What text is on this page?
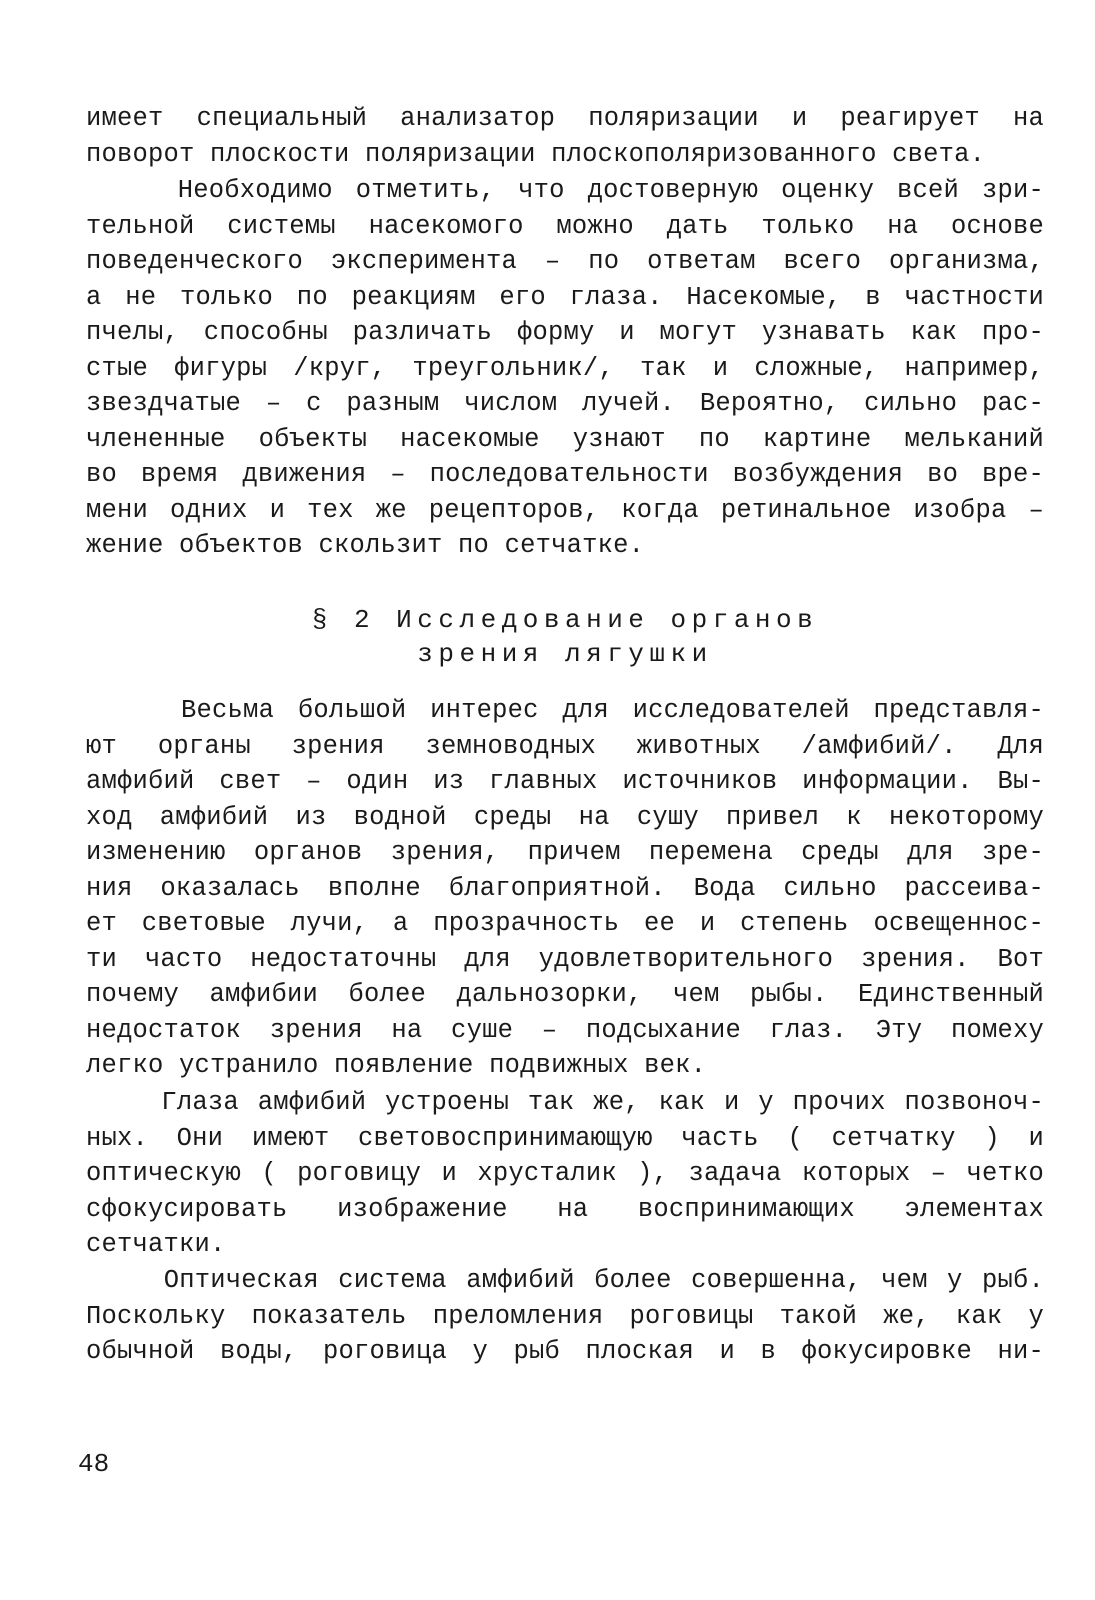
имеет специальный анализатор поляризации и реагирует на
поворот плоскости поляризации плоскополяризованного света.
Необходимо отметить, что достоверную оценку всей зри-
тельной системы насекомого можно дать только на основе
поведенческого эксперимента – по ответам всего организма,
а не только по реакциям его глаза. Насекомые, в частности
пчелы, способны различать форму и могут узнавать как про-
стые фигуры /круг, треугольник/, так и сложные, например,
звездчатые – с разным числом лучей. Вероятно, сильно рас-
члененные объекты насекомые узнают по картине мельканий
во время движения – последовательности возбуждения во вре-
мени одних и тех же рецепторов, когда ретинальное изобра –
жение объектов скользит по сетчатке.
§ 2 Исследование органов
зрения лягушки
Весьма большой интерес для исследователей представля-
ют органы зрения земноводных животных /амфибий/. Для
амфибий свет – один из главных источников информации. Вы-
ход амфибий из водной среды на сушу привел к некоторому
изменению органов зрения, причем перемена среды для зре-
ния оказалась вполне благоприятной. Вода сильно рассеива-
ет световые лучи, а прозрачность ее и степень освещеннос-
ти часто недостаточны для удовлетворительного зрения. Вот
почему амфибии более дальнозорки, чем рыбы. Единственный
недостаток зрения на суше – подсыхание глаз. Эту помеху
легко устранило появление подвижных век.
Глаза амфибий устроены так же, как и у прочих позвоноч-
ных. Они имеют световоспринимающую часть ( сетчатку ) и
оптическую ( роговицу и хрусталик ), задача которых – четко
сфокусировать изображение на воспринимающих элементах
сетчатки.
Оптическая система амфибий более совершенна, чем у рыб.
Поскольку показатель преломления роговицы такой же, как у
обычной воды, роговица у рыб плоская и в фокусировке ни-
48
